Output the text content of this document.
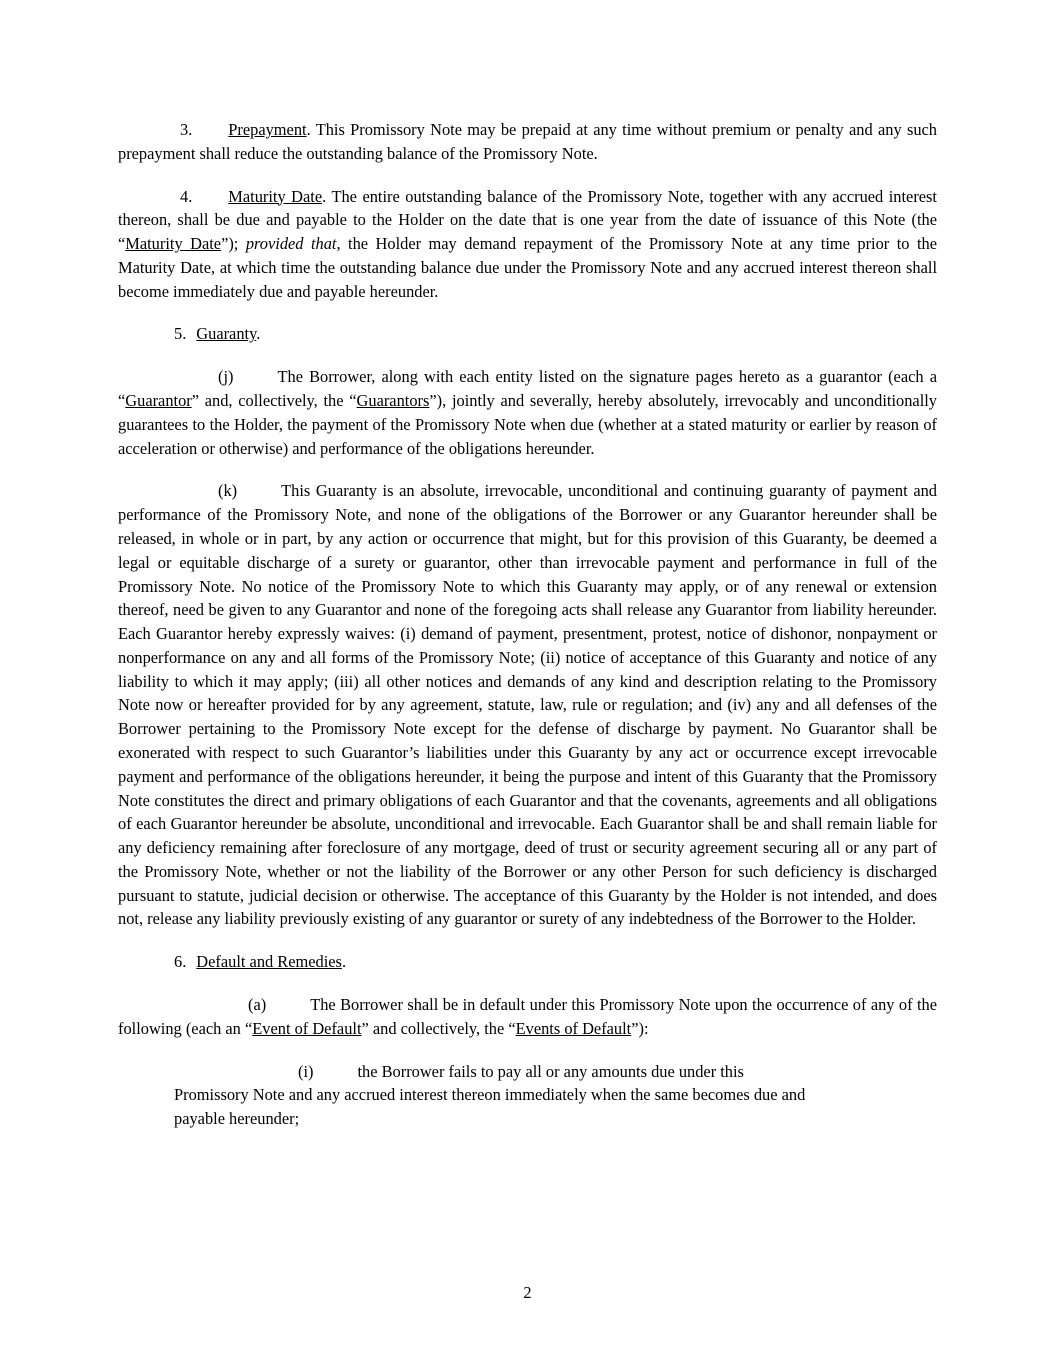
3. Prepayment. This Promissory Note may be prepaid at any time without premium or penalty and any such prepayment shall reduce the outstanding balance of the Promissory Note.

4. Maturity Date. The entire outstanding balance of the Promissory Note, together with any accrued interest thereon, shall be due and payable to the Holder on the date that is one year from the date of issuance of this Note (the “Maturity Date”); provided that, the Holder may demand repayment of the Promissory Note at any time prior to the Maturity Date, at which time the outstanding balance due under the Promissory Note and any accrued interest thereon shall become immediately due and payable hereunder.

5. Guaranty.

(j)	The Borrower, along with each entity listed on the signature pages hereto as a guarantor (each a “Guarantor” and, collectively, the “Guarantors”), jointly and severally, hereby absolutely, irrevocably and unconditionally guarantees to the Holder, the payment of the Promissory Note when due (whether at a stated maturity or earlier by reason of acceleration or otherwise) and performance of the obligations hereunder.

(k)	This Guaranty is an absolute, irrevocable, unconditional and continuing guaranty of payment and performance of the Promissory Note, and none of the obligations of the Borrower or any Guarantor hereunder shall be released, in whole or in part, by any action or occurrence that might, but for this provision of this Guaranty, be deemed a legal or equitable discharge of a surety or guarantor, other than irrevocable payment and performance in full of the Promissory Note. No notice of the Promissory Note to which this Guaranty may apply, or of any renewal or extension thereof, need be given to any Guarantor and none of the foregoing acts shall release any Guarantor from liability hereunder. Each Guarantor hereby expressly waives: (i) demand of payment, presentment, protest, notice of dishonor, nonpayment or nonperformance on any and all forms of the Promissory Note; (ii) notice of acceptance of this Guaranty and notice of any liability to which it may apply; (iii) all other notices and demands of any kind and description relating to the Promissory Note now or hereafter provided for by any agreement, statute, law, rule or regulation; and (iv) any and all defenses of the Borrower pertaining to the Promissory Note except for the defense of discharge by payment. No Guarantor shall be exonerated with respect to such Guarantor’s liabilities under this Guaranty by any act or occurrence except irrevocable payment and performance of the obligations hereunder, it being the purpose and intent of this Guaranty that the Promissory Note constitutes the direct and primary obligations of each Guarantor and that the covenants, agreements and all obligations of each Guarantor hereunder be absolute, unconditional and irrevocable. Each Guarantor shall be and shall remain liable for any deficiency remaining after foreclosure of any mortgage, deed of trust or security agreement securing all or any part of the Promissory Note, whether or not the liability of the Borrower or any other Person for such deficiency is discharged pursuant to statute, judicial decision or otherwise. The acceptance of this Guaranty by the Holder is not intended, and does not, release any liability previously existing of any guarantor or surety of any indebtedness of the Borrower to the Holder.

6. Default and Remedies.

(a)	The Borrower shall be in default under this Promissory Note upon the occurrence of any of the following (each an “Event of Default” and collectively, the “Events of Default”):

(i)	the Borrower fails to pay all or any amounts due under this Promissory Note and any accrued interest thereon immediately when the same becomes due and payable hereunder;

2
